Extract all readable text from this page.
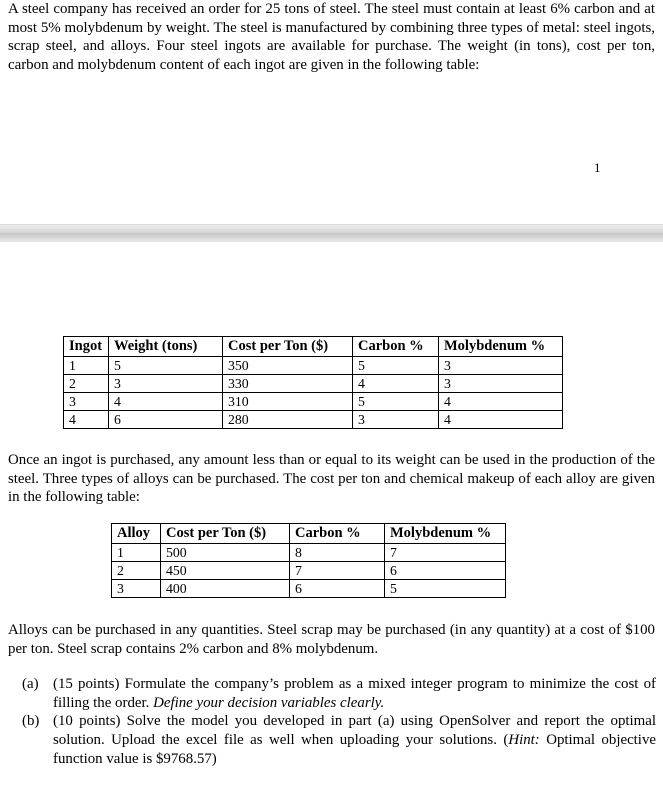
A steel company has received an order for 25 tons of steel. The steel must contain at least 6% carbon and at most 5% molybdenum by weight. The steel is manufactured by combining three types of metal: steel ingots, scrap steel, and alloys. Four steel ingots are available for purchase. The weight (in tons), cost per ton, carbon and molybdenum content of each ingot are given in the following table:

1
Ingot	Weight (tons)	Cost per Ton ($)	Carbon %	Molybdenum %
1	5	350	5	3
2	3	330	4	3
3	4	310	5	4
4	6	280	3	4

Once an ingot is purchased, any amount less than or equal to its weight can be used in the production of the steel. Three types of alloys can be purchased. The cost per ton and chemical makeup of each alloy are given in the following table:

Alloy	Cost per Ton ($)	Carbon %	Molybdenum %
1	500	8	7
2	450	7	6
3	400	6	5

Alloys can be purchased in any quantities. Steel scrap may be purchased (in any quantity) at a cost of $100 per ton. Steel scrap contains 2% carbon and 8% molybdenum.

(a) (15 points) Formulate the company’s problem as a mixed integer program to minimize the cost of filling the order. Define your decision variables clearly.
(b) (10 points) Solve the model you developed in part (a) using OpenSolver and report the optimal solution. Upload the excel file as well when uploading your solutions. (Hint: Optimal objective function value is $9768.57)
